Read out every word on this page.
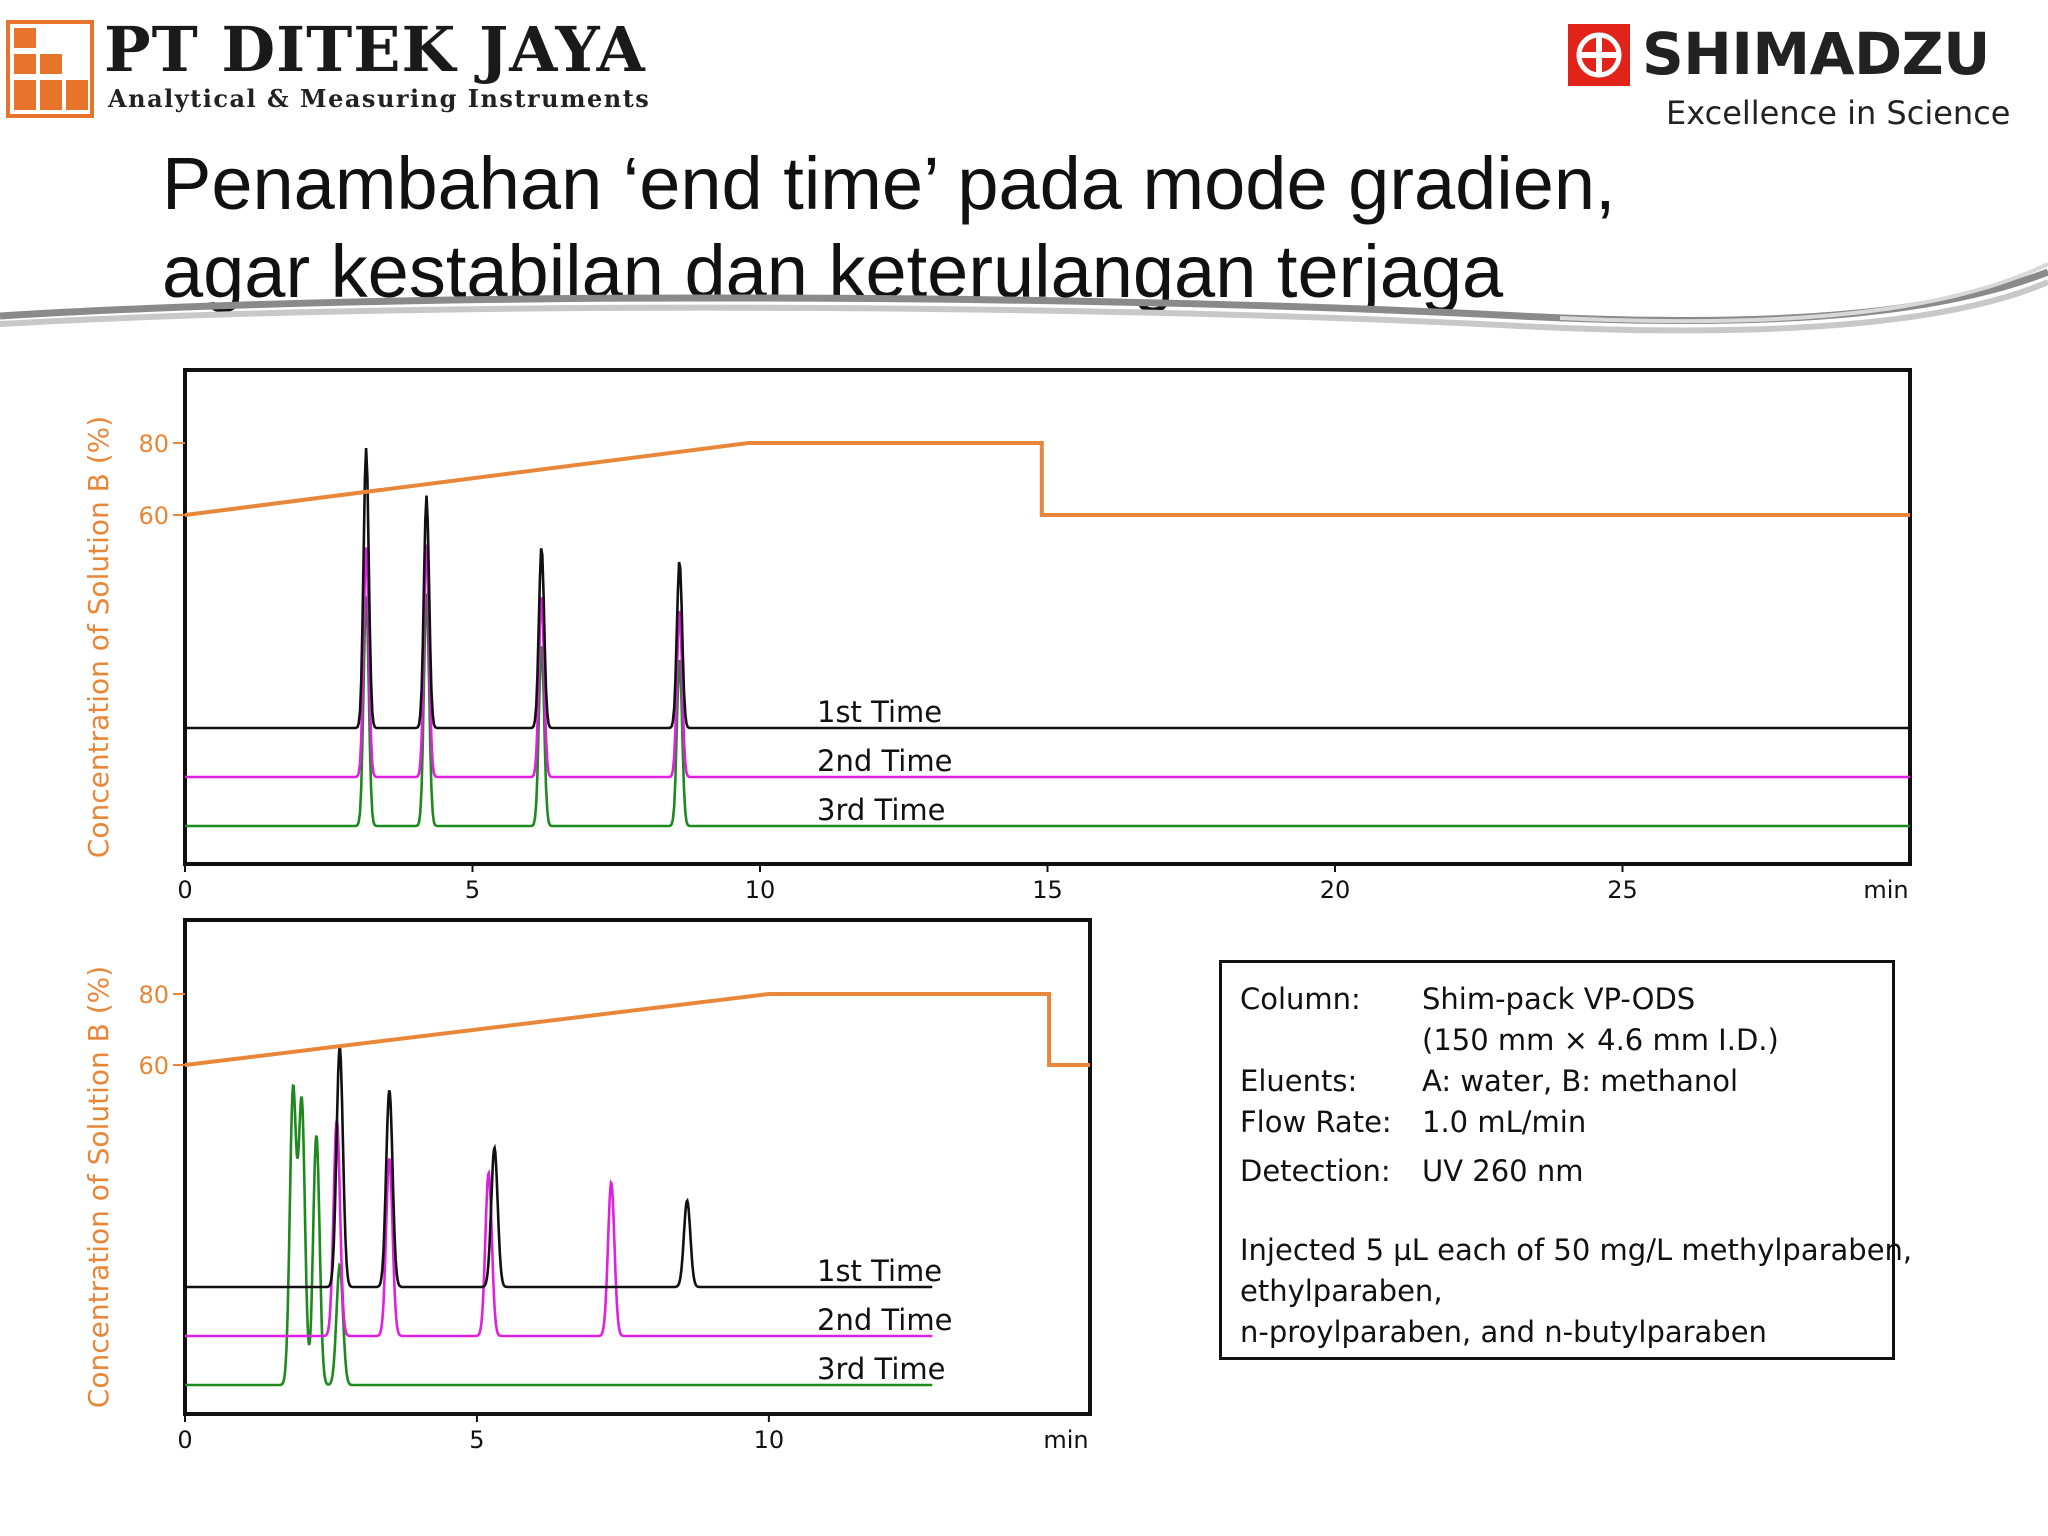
PT DITEK JAYA
Analytical & Measuring Instruments
SHIMADZU
Excellence in Science
Penambahan ‘end time’ pada mode gradien,
agar kestabilan dan keterulangan terjaga
Concentration of Solution B (%) 60
80
0	5	10	15	20	25	min
3rd Time
2nd Time
1st Time
Concentration of Solution B (%) 60
80
0	5	10	min
3rd Time
2nd Time
1st Time
Column:	Shim-pack VP-ODS
(150 mm × 4.6 mm I.D.)
Eluents:	A: water, B: methanol
Flow Rate:	1.0 mL/min
Detection:	UV 260 nm
Injected 5 µL each of 50 mg/L methylparaben,
ethylparaben,
n-proylparaben, and n-butylparaben
